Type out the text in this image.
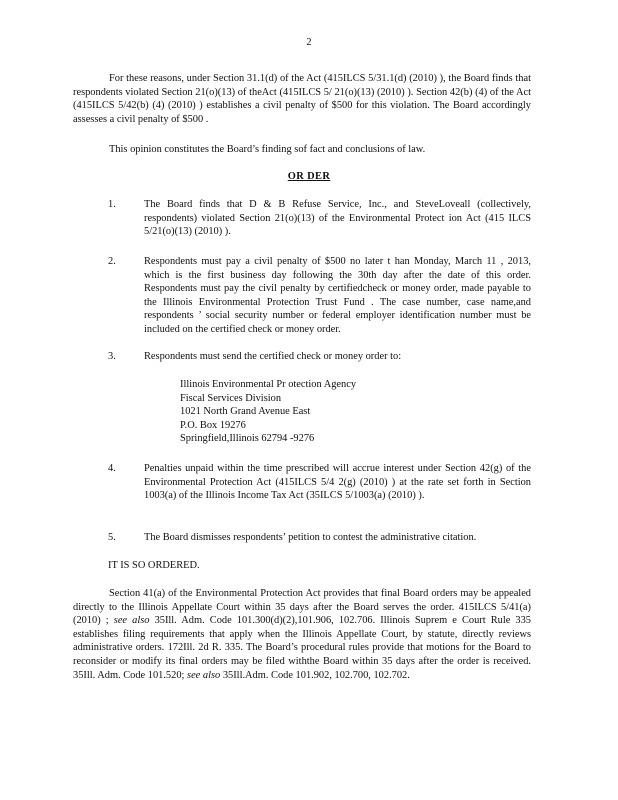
2

For these reasons, under Section 31.1(d) of the Act (415ILCS 5/31.1(d) (2010) ), the Board finds that respondents violated Section 21(o)(13) of theAct (415ILCS 5/ 21(o)(13) (2010) ). Section 42(b) (4) of the Act (415ILCS 5/42(b) (4) (2010) ) establishes a civil penalty of $500 for this violation. The Board accordingly assesses a civil penalty of $500 .

This opinion constitutes the Board’s finding sof fact and conclusions of law.

OR DER
1.	The Board finds that D & B Refuse Service, Inc., and SteveLoveall (collectively, respondents) violated Section 21(o)(13) of the Environmental Protect ion Act (415 ILCS 5/21(o)(13) (2010) ).
2.	Respondents must pay a civil penalty of $500 no later t han Monday, March 11 , 2013, which is the first business day following the 30th day after the date of this order. Respondents must pay the civil penalty by certifiedcheck or money order, made payable to the Illinois Environmental Protection Trust Fund . The case number, case name,and respondents ’ social security number or federal employer identification number must be included on the certified check or money order.
3.	Respondents must send the certified check or money order to:
Illinois Environmental Pr otection Agency
Fiscal Services Division
1021 North Grand Avenue East
P.O. Box 19276
Springfield,Illinois 62794 -9276
4.	Penalties unpaid within the time prescribed will accrue interest under Section 42(g) of the Environmental Protection Act (415ILCS 5/4 2(g) (2010) ) at the rate set forth in Section 1003(a) of the Illinois Income Tax Act (35ILCS 5/1003(a) (2010) ).
5.	The Board dismisses respondents’ petition to contest the administrative citation.
IT IS SO ORDERED.

Section 41(a) of the Environmental Protection Act provides that final Board orders may be appealed directly to the Illinois Appellate Court within 35 days after the Board serves the order. 415ILCS 5/41(a) (2010) ; see also 35Ill. Adm. Code 101.300(d)(2),101.906, 102.706. Illinois Suprem e Court Rule 335 establishes filing requirements that apply when the Illinois Appellate Court, by statute, directly reviews administrative orders. 172Ill. 2d R. 335. The Board’s procedural rules provide that motions for the Board to reconsider or modify its final orders may be filed withthe Board within 35 days after the order is received. 35Ill. Adm. Code 101.520; see also 35Ill.Adm. Code 101.902, 102.700, 102.702.
